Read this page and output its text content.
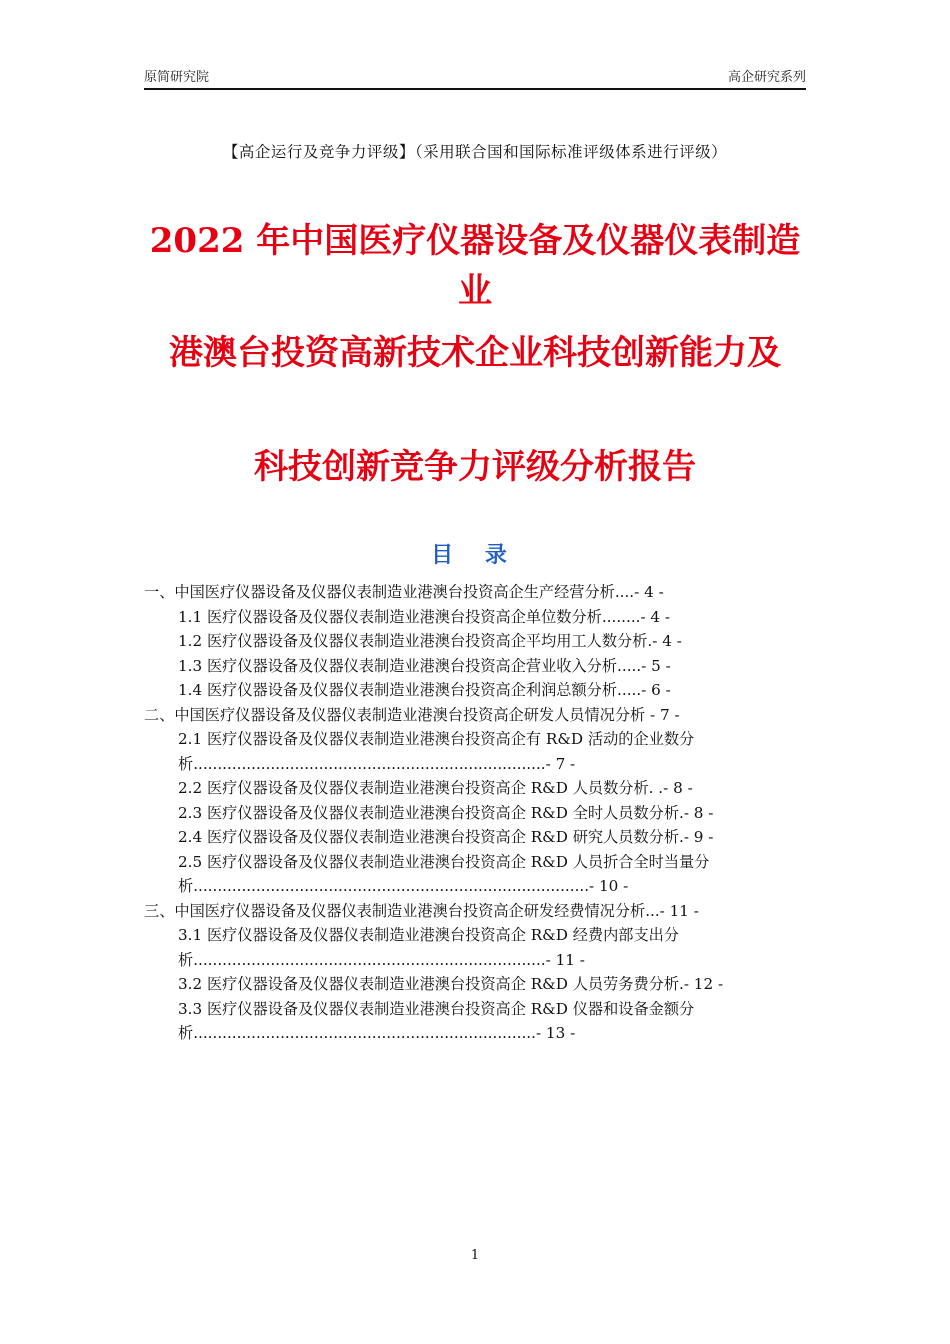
原简研究院	高企研究系列
【高企运行及竞争力评级】（采用联合国和国际标准评级体系进行评级）
2022 年中国医疗仪器设备及仪器仪表制造业
港澳台投资高新技术企业科技创新能力及
科技创新竞争力评级分析报告
目 录

一、中国医疗仪器设备及仪器仪表制造业港澳台投资高企生产经营分析....- 4 -

1.1 医疗仪器设备及仪器仪表制造业港澳台投资高企单位数分析........- 4 -

1.2 医疗仪器设备及仪器仪表制造业港澳台投资高企平均用工人数分析.- 4 -

1.3 医疗仪器设备及仪器仪表制造业港澳台投资高企营业收入分析.....- 5 -

1.4 医疗仪器设备及仪器仪表制造业港澳台投资高企利润总额分析.....- 6 -

二、中国医疗仪器设备及仪器仪表制造业港澳台投资高企研发人员情况分析 - 7 -

2.1 医疗仪器设备及仪器仪表制造业港澳台投资高企有 R&D 活动的企业数分析.........................................................................- 7 -

2.2 医疗仪器设备及仪器仪表制造业港澳台投资高企 R&D 人员数分析. .- 8 -

2.3 医疗仪器设备及仪器仪表制造业港澳台投资高企 R&D 全时人员数分析.- 8 -

2.4 医疗仪器设备及仪器仪表制造业港澳台投资高企 R&D 研究人员数分析.- 9 -

2.5 医疗仪器设备及仪器仪表制造业港澳台投资高企 R&D 人员折合全时当量分析..................................................................................- 10 -

三、中国医疗仪器设备及仪器仪表制造业港澳台投资高企研发经费情况分析...- 11 -

3.1 医疗仪器设备及仪器仪表制造业港澳台投资高企 R&D 经费内部支出分析.........................................................................- 11 -

3.2 医疗仪器设备及仪器仪表制造业港澳台投资高企 R&D 人员劳务费分析.- 12 -

3.3 医疗仪器设备及仪器仪表制造业港澳台投资高企 R&D 仪器和设备金额分析.......................................................................- 13 -

1
